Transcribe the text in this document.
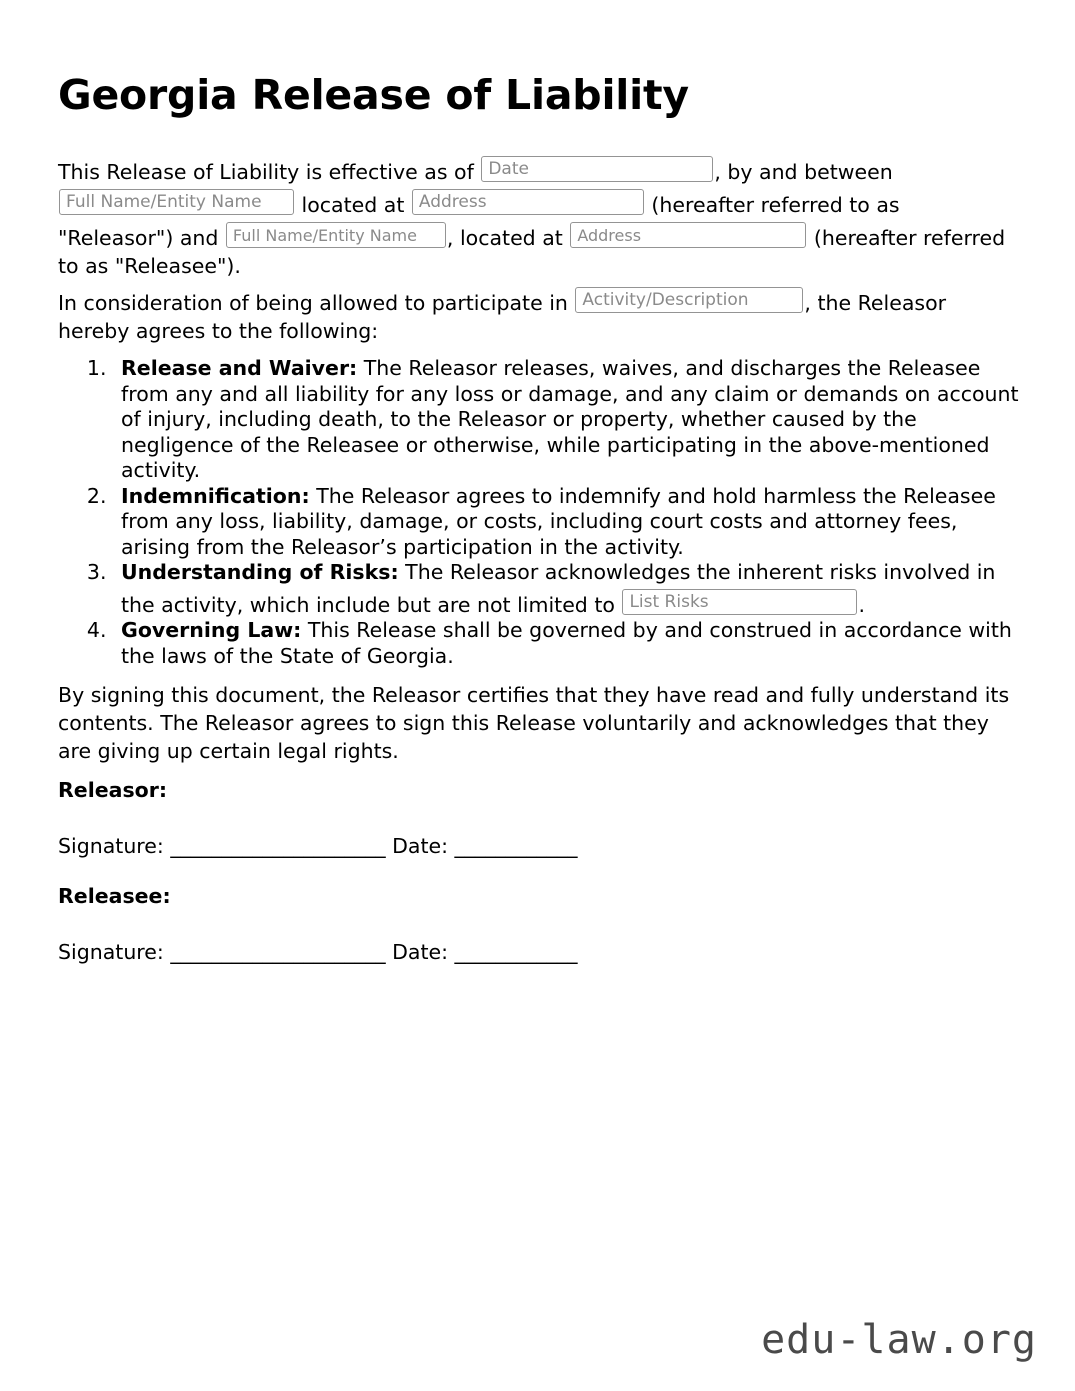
Georgia Release of Liability

This Release of Liability is effective as of Date	, by and between Full Name/Entity Name located at Address	(hereafter referred to as "Releasor") and Full Name/Entity Name , located at Address	(hereafter referred to as "Releasee").

In consideration of being allowed to participate in Activity/Description	, the Releasor hereby agrees to the following:

1. Release and Waiver: The Releasor releases, waives, and discharges the Releasee from any and all liability for any loss or damage, and any claim or demands on account of injury, including death, to the Releasor or property, whether caused by the negligence of the Releasee or otherwise, while participating in the above-mentioned activity.
2. Indemnification: The Releasor agrees to indemnify and hold harmless the Releasee from any loss, liability, damage, or costs, including court costs and attorney fees, arising from the Releasor’s participation in the activity.
3. Understanding of Risks: The Releasor acknowledges the inherent risks involved in the activity, which include but are not limited to List Risks	.
4. Governing Law: This Release shall be governed by and construed in accordance with the laws of the State of Georgia.

By signing this document, the Releasor certifies that they have read and fully understand its contents. The Releasor agrees to sign this Release voluntarily and acknowledges that they are giving up certain legal rights.

Releasor:

Signature: _____________________ Date: ____________

Releasee:

Signature: _____________________ Date: ____________

edu-law.org
